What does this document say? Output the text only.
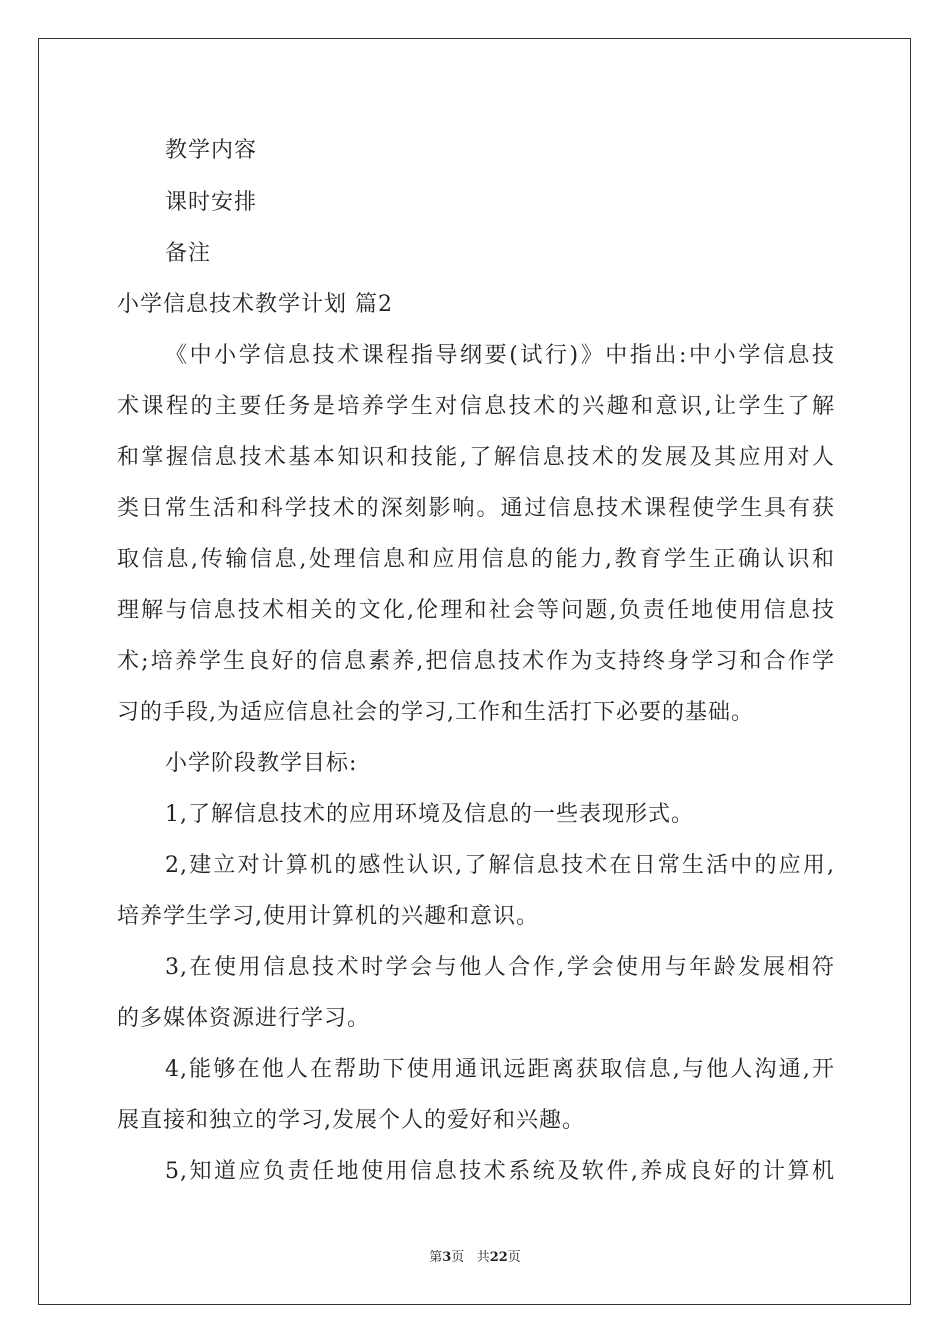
教学内容
课时安排
备注
小学信息技术教学计划 篇2
《中小学信息技术课程指导纲要(试行)》中指出:中小学信息技
术课程的主要任务是培养学生对信息技术的兴趣和意识,让学生了解
和掌握信息技术基本知识和技能,了解信息技术的发展及其应用对人
类日常生活和科学技术的深刻影响。通过信息技术课程使学生具有获
取信息,传输信息,处理信息和应用信息的能力,教育学生正确认识和
理解与信息技术相关的文化,伦理和社会等问题,负责任地使用信息技
术;培养学生良好的信息素养,把信息技术作为支持终身学习和合作学
习的手段,为适应信息社会的学习,工作和生活打下必要的基础。
小学阶段教学目标:
1,了解信息技术的应用环境及信息的一些表现形式。
2,建立对计算机的感性认识,了解信息技术在日常生活中的应用,
培养学生学习,使用计算机的兴趣和意识。
3,在使用信息技术时学会与他人合作,学会使用与年龄发展相符
的多媒体资源进行学习。
4,能够在他人在帮助下使用通讯远距离获取信息,与他人沟通,开
展直接和独立的学习,发展个人的爱好和兴趣。
5,知道应负责任地使用信息技术系统及软件,养成良好的计算机
第3页 共22页
